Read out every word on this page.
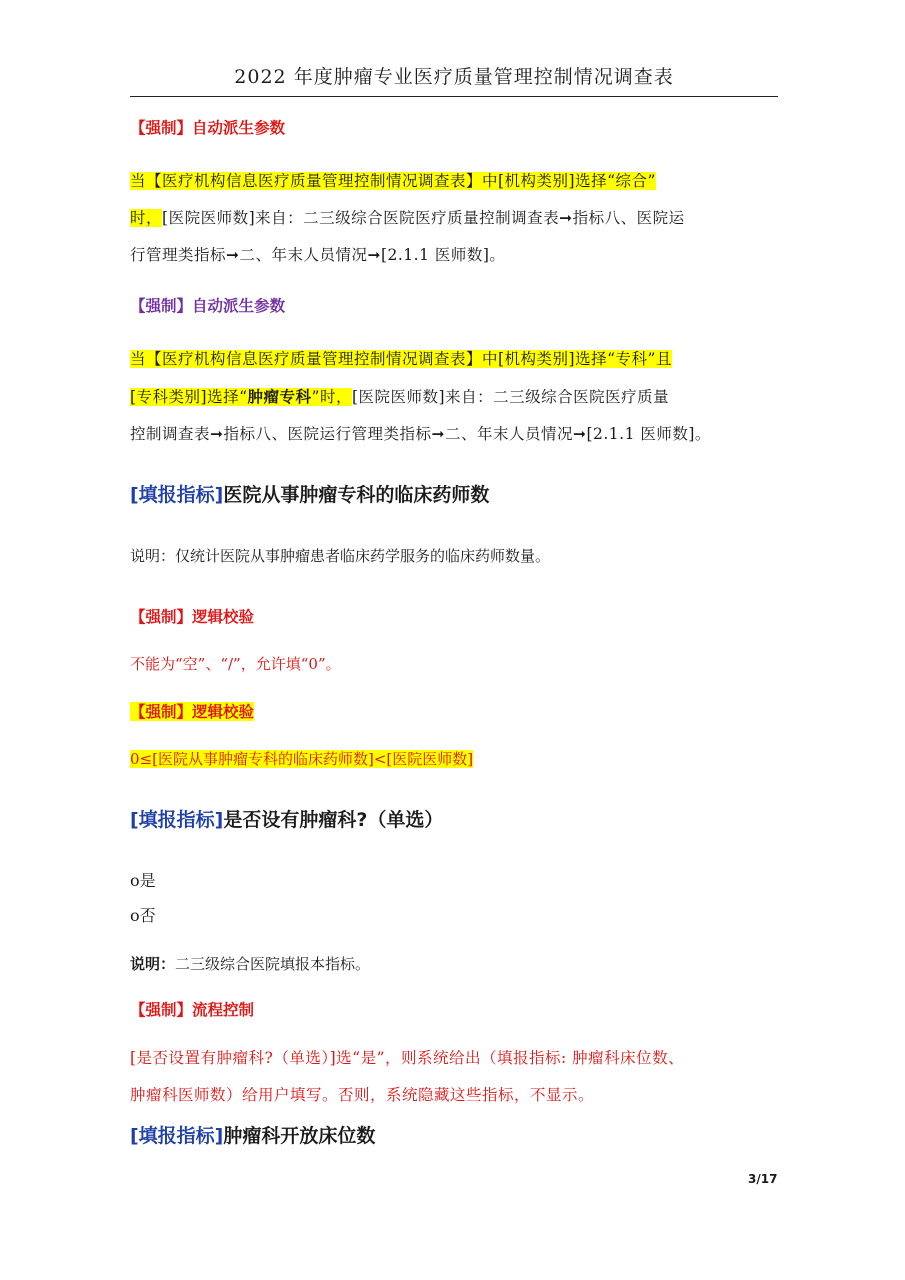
2022 年度肿瘤专业医疗质量管理控制情况调查表
【强制】自动派生参数
当【医疗机构信息医疗质量管理控制情况调查表】中[机构类别]选择“综合”
时，[医院医师数]来自：二三级综合医院医疗质量控制调查表➞指标八、医院运
行管理类指标➞二、年末人员情况➞[2.1.1 医师数]。
【强制】自动派生参数
当【医疗机构信息医疗质量管理控制情况调查表】中[机构类别]选择“专科”且
[专科类别]选择“肿瘤专科”时，[医院医师数]来自：二三级综合医院医疗质量
控制调查表➞指标八、医院运行管理类指标➞二、年末人员情况➞[2.1.1 医师数]。
[填报指标]医院从事肿瘤专科的临床药师数
说明：仅统计医院从事肿瘤患者临床药学服务的临床药师数量。
【强制】逻辑校验
不能为“空”、“/”，允许填“0”。
【强制】逻辑校验
0≤[医院从事肿瘤专科的临床药师数]<[医院医师数]
[填报指标]是否设有肿瘤科?（单选）
o是
o否
说明：二三级综合医院填报本指标。
【强制】流程控制
[是否设置有肿瘤科?（单选）]选“是”，则系统给出（填报指标: 肿瘤科床位数、
肿瘤科医师数）给用户填写。否则，系统隐藏这些指标，不显示。
[填报指标]肿瘤科开放床位数
3/17
